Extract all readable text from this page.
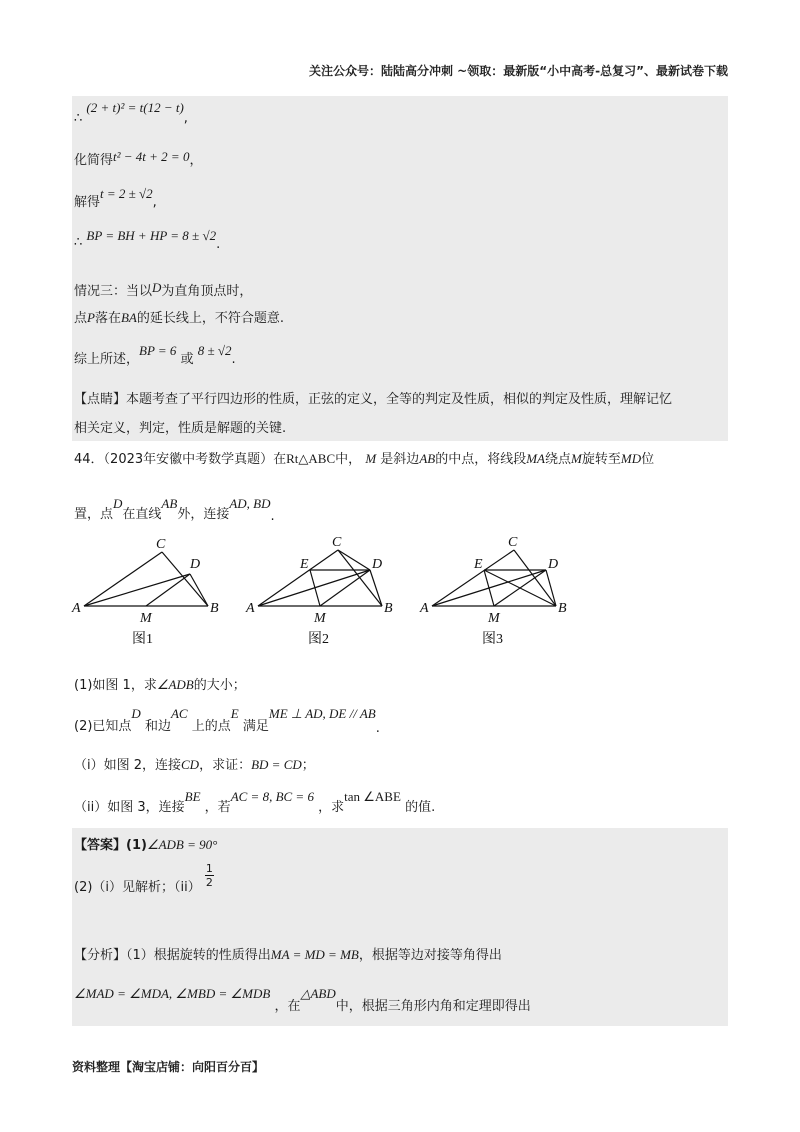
关注公众号：陆陆高分冲刺 ~领取：最新版“小中高考-总复习”、最新试卷下载
∴ (2 + t)² = t(12 − t),
化简得t² − 4t + 2 = 0，
解得t = 2 ± √2,
∴ BP = BH + HP = 8 ± √2.
情况三：当以D为直角顶点时，
点P落在BA的延长线上，不符合题意.
综上所述，BP = 6 或 8 ± √2.
【点睛】本题考查了平行四边形的性质，正弦的定义，全等的判定及性质，相似的判定及性质，理解记忆
相关定义，判定，性质是解题的关键.
44．（2023年安徽中考数学真题）在Rt△ABC中， M 是斜边AB的中点，将线段MA绕点M旋转至MD位
置，点D在直线AB外，连接AD, BD.
A	B
C
D
M
图1
A	B
C
D
E
M
图2
A	B
C
D
E
M
图3
(1)如图 1，求∠ADB的大小；
(2)已知点D 和边AC 上的点E 满足ME ⊥ AD, DE // AB.
（i）如图 2，连接CD，求证：BD = CD；
（ii）如图 3，连接BE ，若AC = 8, BC = 6 ，求tan ∠ABE 的值.
【答案】(1)∠ADB = 90°
(2)（i）见解析；$(ii) \frac{1}{2}$
【分析】（1）根据旋转的性质得出MA = MD = MB，根据等边对接等角得出
∠MAD = ∠MDA, ∠MBD = ∠MDB ，在△ABD中，根据三角形内角和定理即得出
资料整理【淘宝店铺：向阳百分百】
